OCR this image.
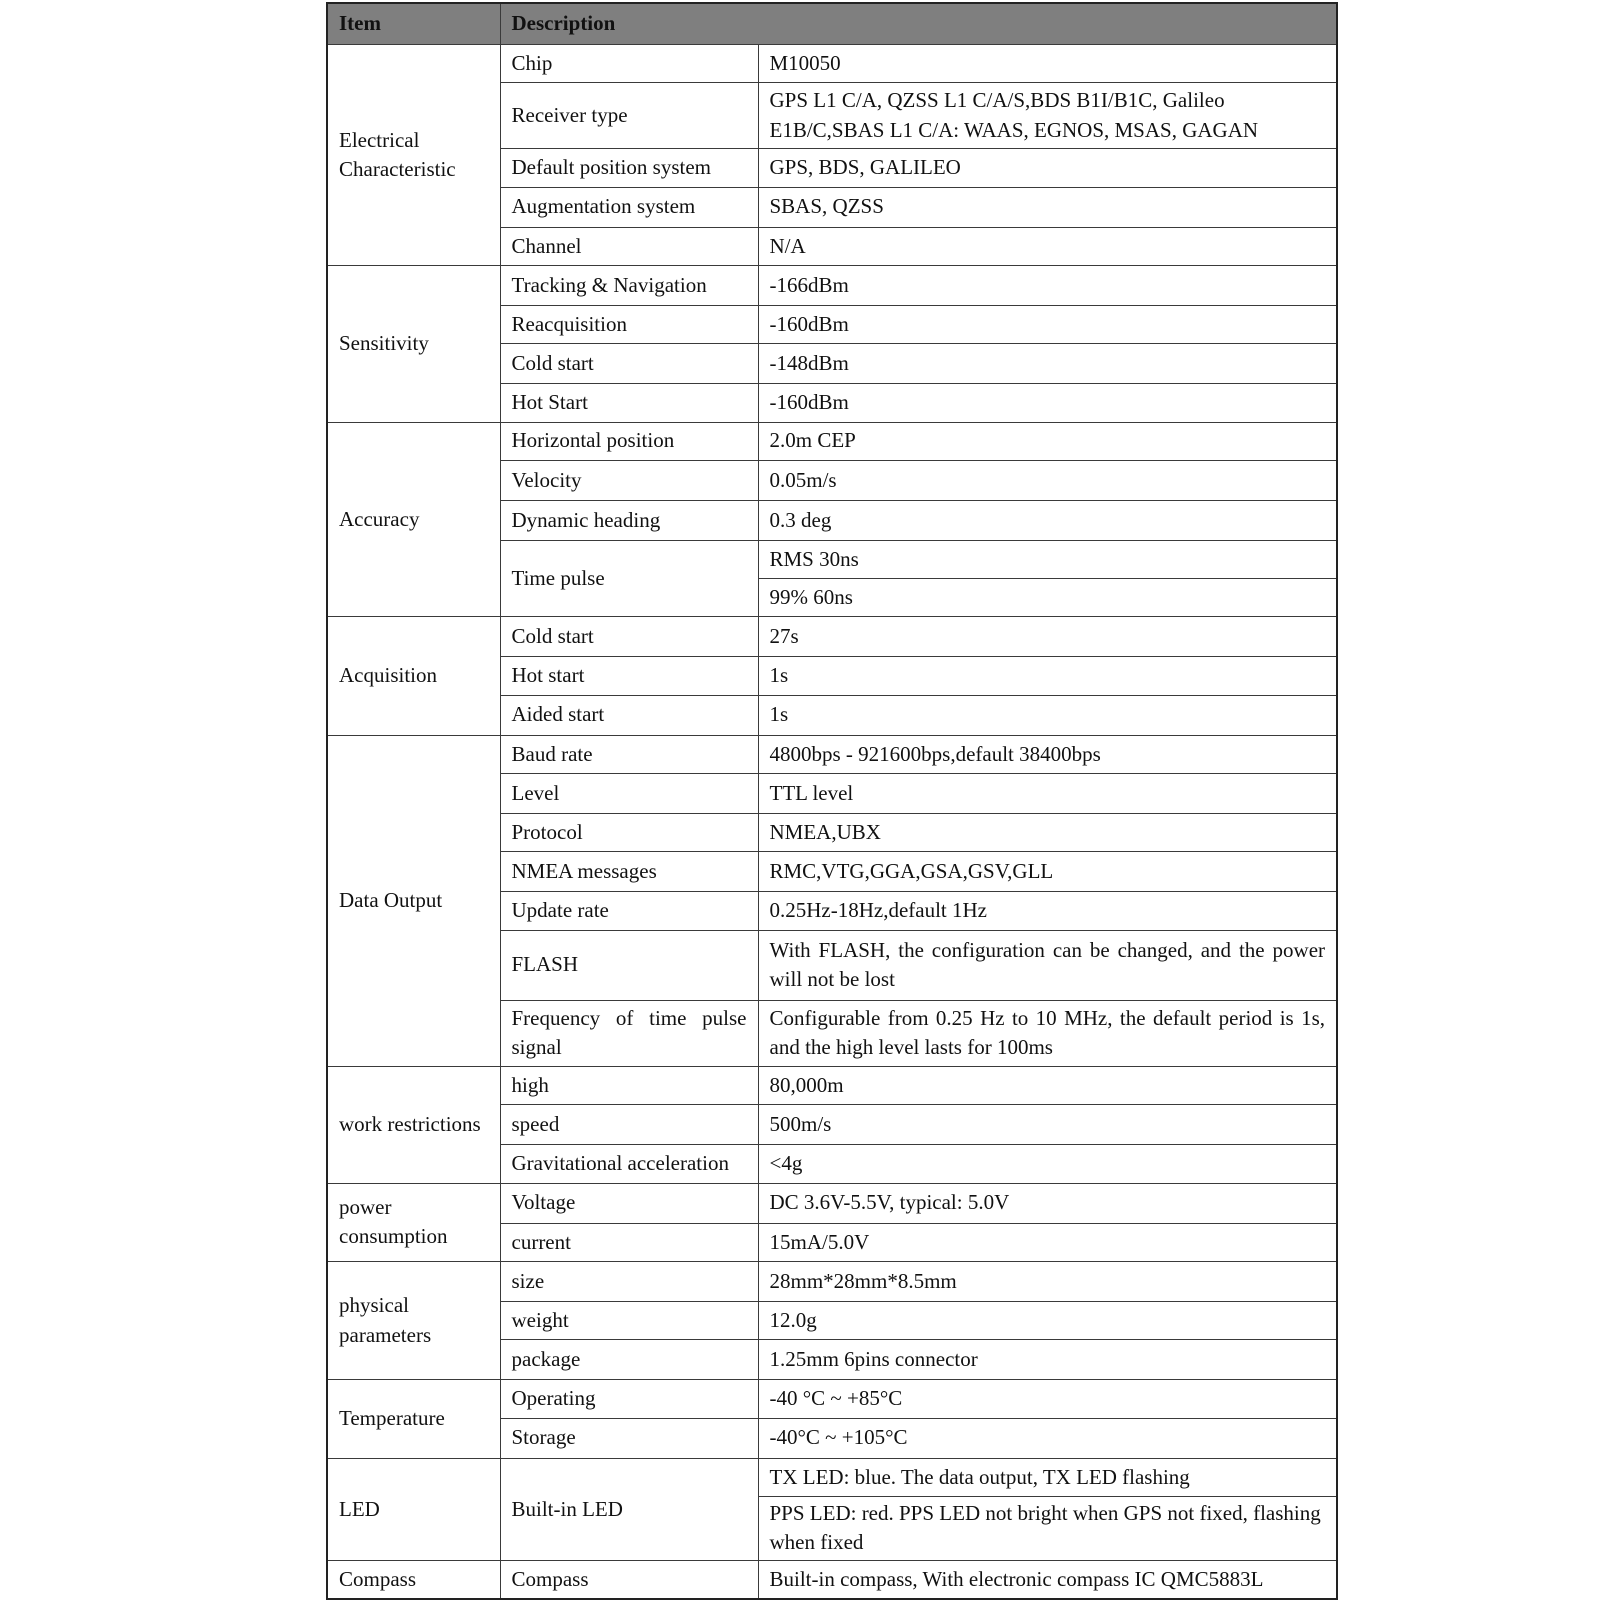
Item	Description	
Electrical Characteristic	Chip	M10050
	Receiver type	GPS L1 C/A, QZSS L1 C/A/S,BDS B1I/B1C, Galileo E1B/C,SBAS L1 C/A: WAAS, EGNOS, MSAS, GAGAN
	Default position system	GPS, BDS, GALILEO
	Augmentation system	SBAS, QZSS
	Channel	N/A
Sensitivity	Tracking & Navigation	-166dBm
	Reacquisition	-160dBm
	Cold start	-148dBm
	Hot Start	-160dBm
Accuracy	Horizontal position	2.0m CEP
	Velocity	0.05m/s
	Dynamic heading	0.3 deg
	Time pulse	RMS 30ns
		99% 60ns
Acquisition	Cold start	27s
	Hot start	1s
	Aided start	1s
Data Output	Baud rate	4800bps - 921600bps,default 38400bps
	Level	TTL level
	Protocol	NMEA,UBX
	NMEA messages	RMC,VTG,GGA,GSA,GSV,GLL
	Update rate	0.25Hz-18Hz,default 1Hz
	FLASH	With FLASH, the configuration can be changed, and the power will not be lost
	Frequency of time pulse signal	Configurable from 0.25 Hz to 10 MHz, the default period is 1s, and the high level lasts for 100ms
work restrictions	high	80,000m
	speed	500m/s
	Gravitational acceleration	<4g
power consumption	Voltage	DC 3.6V-5.5V, typical: 5.0V
	current	15mA/5.0V
physical parameters	size	28mm*28mm*8.5mm
	weight	12.0g
	package	1.25mm 6pins connector
Temperature	Operating	-40 °C ~ +85°C
	Storage	-40°C ~ +105°C
LED	Built-in LED	TX LED: blue. The data output, TX LED flashing
		PPS LED: red. PPS LED not bright when GPS not fixed, flashing when fixed
Compass	Compass	Built-in compass, With electronic compass IC QMC5883L
